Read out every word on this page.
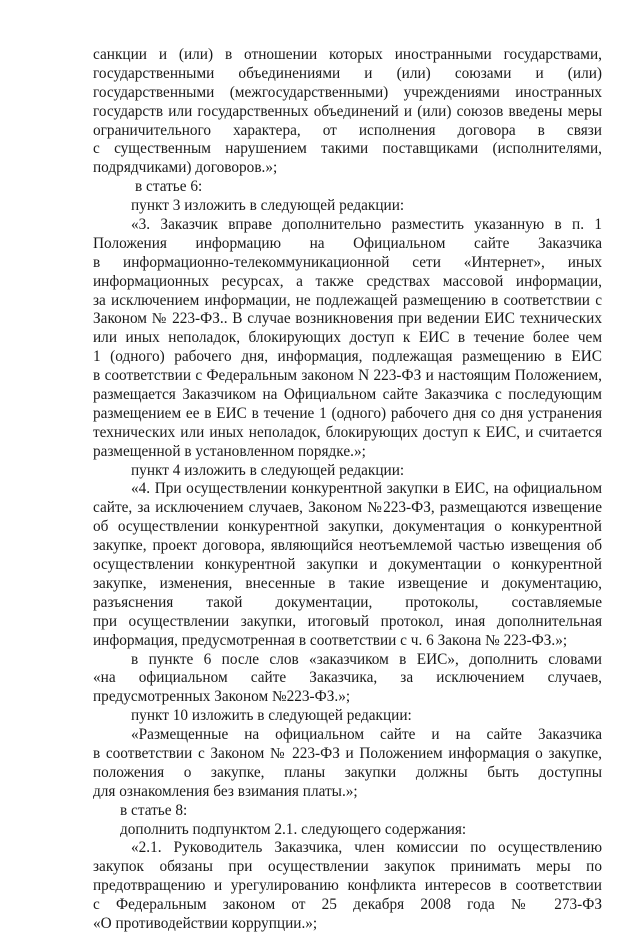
санкции и (или) в отношении которых иностранными государствами,
государственными объединениями и (или) союзами и (или)
государственными (межгосударственными) учреждениями иностранных
государств или государственных объединений и (или) союзов введены меры
ограничительного характера, от исполнения договора в связи
с существенным нарушением такими поставщиками (исполнителями,
подрядчиками) договоров.»;
в статье 6:
пункт 3 изложить в следующей редакции:
«3. Заказчик вправе дополнительно разместить указанную в п. 1
Положения информацию на Официальном сайте Заказчика
в информационно-телекоммуникационной сети «Интернет», иных
информационных ресурсах, а также средствах массовой информации,
за исключением информации, не подлежащей размещению в соответствии с
Законом № 223-ФЗ.. В случае возникновения при ведении ЕИС технических
или иных неполадок, блокирующих доступ к ЕИС в течение более чем
1 (одного) рабочего дня, информация, подлежащая размещению в ЕИС
в соответствии с Федеральным законом N 223-ФЗ и настоящим Положением,
размещается Заказчиком на Официальном сайте Заказчика с последующим
размещением ее в ЕИС в течение 1 (одного) рабочего дня со дня устранения
технических или иных неполадок, блокирующих доступ к ЕИС, и считается
размещенной в установленном порядке.»;
пункт 4 изложить в следующей редакции:
«4. При осуществлении конкурентной закупки в ЕИС, на официальном
сайте, за исключением случаев, Законом №223-ФЗ, размещаются извещение
об осуществлении конкурентной закупки, документация о конкурентной
закупке, проект договора, являющийся неотъемлемой частью извещения об
осуществлении конкурентной закупки и документации о конкурентной
закупке, изменения, внесенные в такие извещение и документацию,
разъяснения такой документации, протоколы, составляемые
при осуществлении закупки, итоговый протокол, иная дополнительная
информация, предусмотренная в соответствии с ч. 6 Закона № 223-ФЗ.»;
в пункте 6 после слов «заказчиком в ЕИС», дополнить словами
«на официальном сайте Заказчика, за исключением случаев,
предусмотренных Законом №223-ФЗ.»;
пункт 10 изложить в следующей редакции:
«Размещенные на официальном сайте и на сайте Заказчика
в соответствии с Законом № 223-ФЗ и Положением информация о закупке,
положения о закупке, планы закупки должны быть доступны
для ознакомления без взимания платы.»;
в статье 8:
дополнить подпунктом 2.1. следующего содержания:
«2.1. Руководитель Заказчика, член комиссии по осуществлению
закупок обязаны при осуществлении закупок принимать меры по
предотвращению и урегулированию конфликта интересов в соответствии
с Федеральным законом от 25 декабря 2008 года № 273-ФЗ
«О противодействии коррупции.»;
